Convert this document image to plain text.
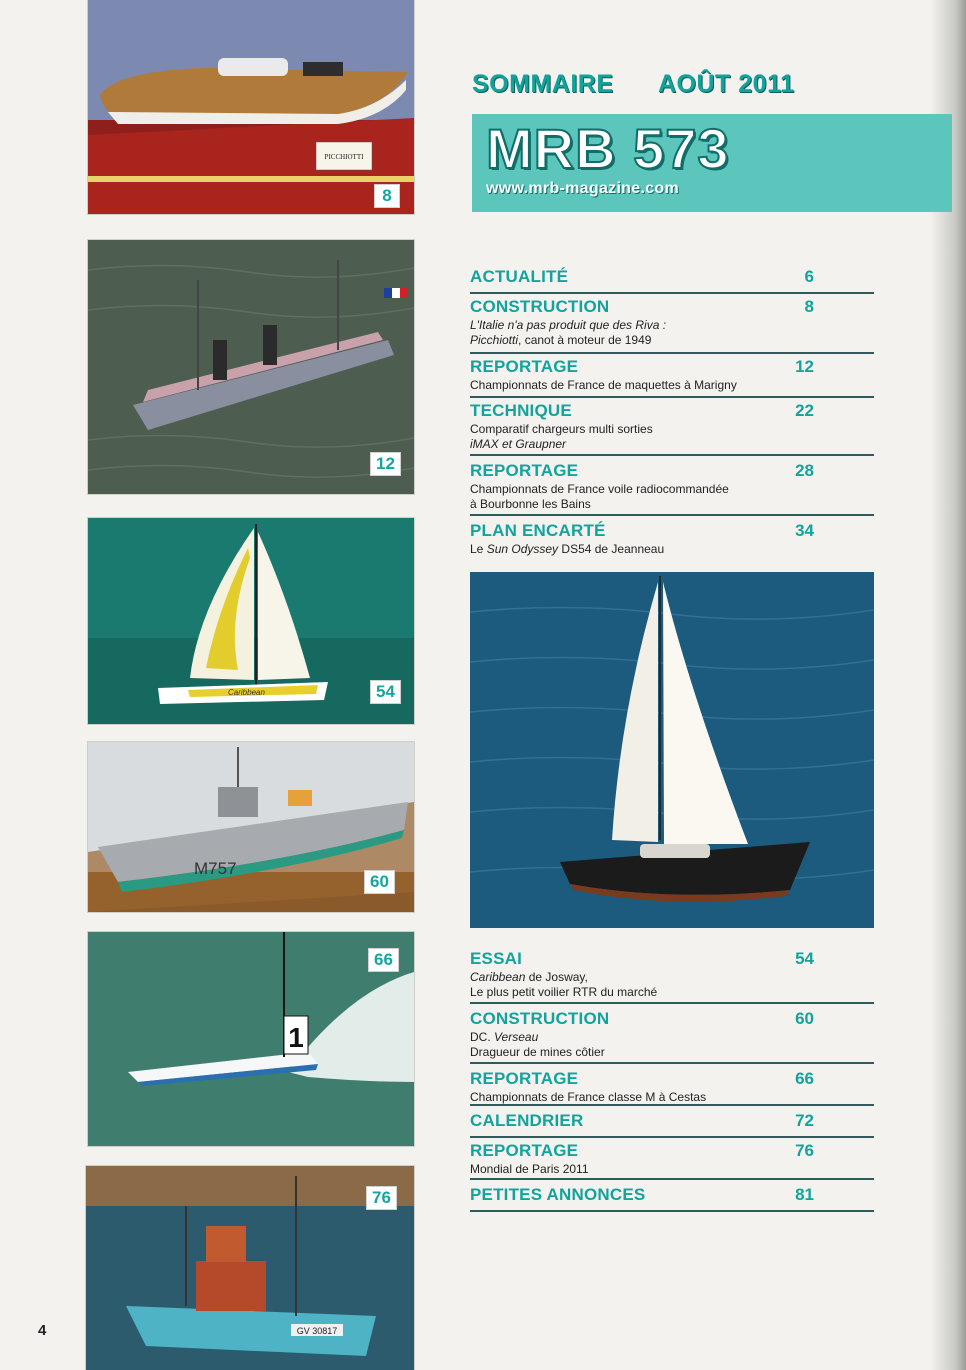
PICCHIOTTI
8
12
Caribbean	54
M757
60
1
66
GV 30817
76
SOMMAIRE AOÛT 2011
MRB 573
www.mrb-magazine.com
ACTUALITÉ	6
CONSTRUCTION	8
L'Italie n'a pas produit que des Riva :
Picchiotti, canot à moteur de 1949
REPORTAGE	12
Championnats de France de maquettes à Marigny
TECHNIQUE	22
Comparatif chargeurs multi sorties
iMAX et Graupner
REPORTAGE	28
Championnats de France voile radiocommandée
à Bourbonne les Bains
PLAN ENCARTÉ	34
Le Sun Odyssey DS54 de Jeanneau
ESSAI	54
Caribbean de Josway,
Le plus petit voilier RTR du marché
CONSTRUCTION	60
DC. Verseau
Dragueur de mines côtier
REPORTAGE	66
Championnats de France classe M à Cestas
CALENDRIER	72
REPORTAGE	76
Mondial de Paris 2011
PETITES ANNONCES	81
4
